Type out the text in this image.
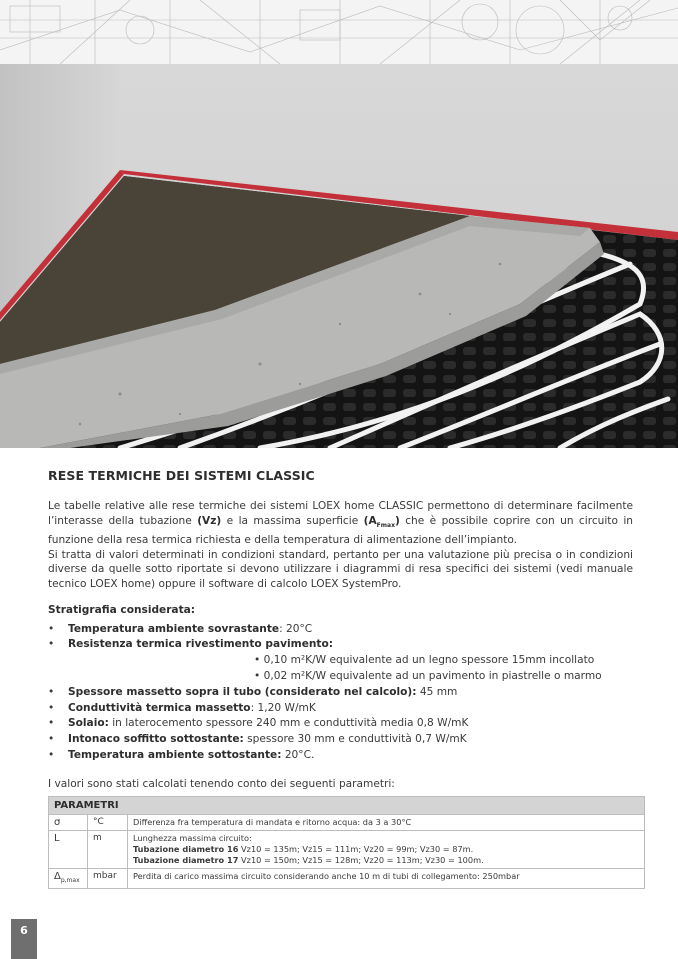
RESE TERMICHE DEI SISTEMI CLASSIC

Le tabelle relative alle rese termiche dei sistemi LOEX home CLASSIC permettono di determinare facilmente l’interasse della tubazione (Vz) e la massima superficie $(A_{Fmax})$ che è possibile coprire con un circuito in funzione della resa termica richiesta e della temperatura di alimentazione dell’impianto.
Si tratta di valori determinati in condizioni standard, pertanto per una valutazione più precisa o in condizioni diverse da quelle sotto riportate si devono utilizzare i diagrammi di resa specifici dei sistemi (vedi manuale tecnico LOEX home) oppure il software di calcolo LOEX SystemPro.

Stratigrafia considerata:
• Temperatura ambiente sovrastante: 20°C
• Resistenza termica rivestimento pavimento:
• 0,10 m²K/W equivalente ad un legno spessore 15mm incollato
• 0,02 m²K/W equivalente ad un pavimento in piastrelle o marmo
• Spessore massetto sopra il tubo (considerato nel calcolo): 45 mm
• Conduttività termica massetto: 1,20 W/mK
• Solaio: in laterocemento spessore 240 mm e conduttività media 0,8 W/mK
• Intonaco soffitto sottostante: spessore 30 mm e conduttività 0,7 W/mK
• Temperatura ambiente sottostante: 20°C.
I valori sono stati calcolati tenendo conto dei seguenti parametri:
PARAMETRI		
σ	°C	Differenza fra temperatura di mandata e ritorno acqua: da 3 a 30°C
L	m	Lunghezza massima circuito:
Tubazione diametro 16 Vz10 = 135m; Vz15 = 111m; Vz20 = 99m; Vz30 = 87m.
Tubazione diametro 17 Vz10 = 150m; Vz15 = 128m; Vz20 = 113m; Vz30 = 100m.

$\Delta_{p,max}$	mbar	Perdita di carico massima circuito considerando anche 10 m di tubi di collegamento: 250mbar
6
